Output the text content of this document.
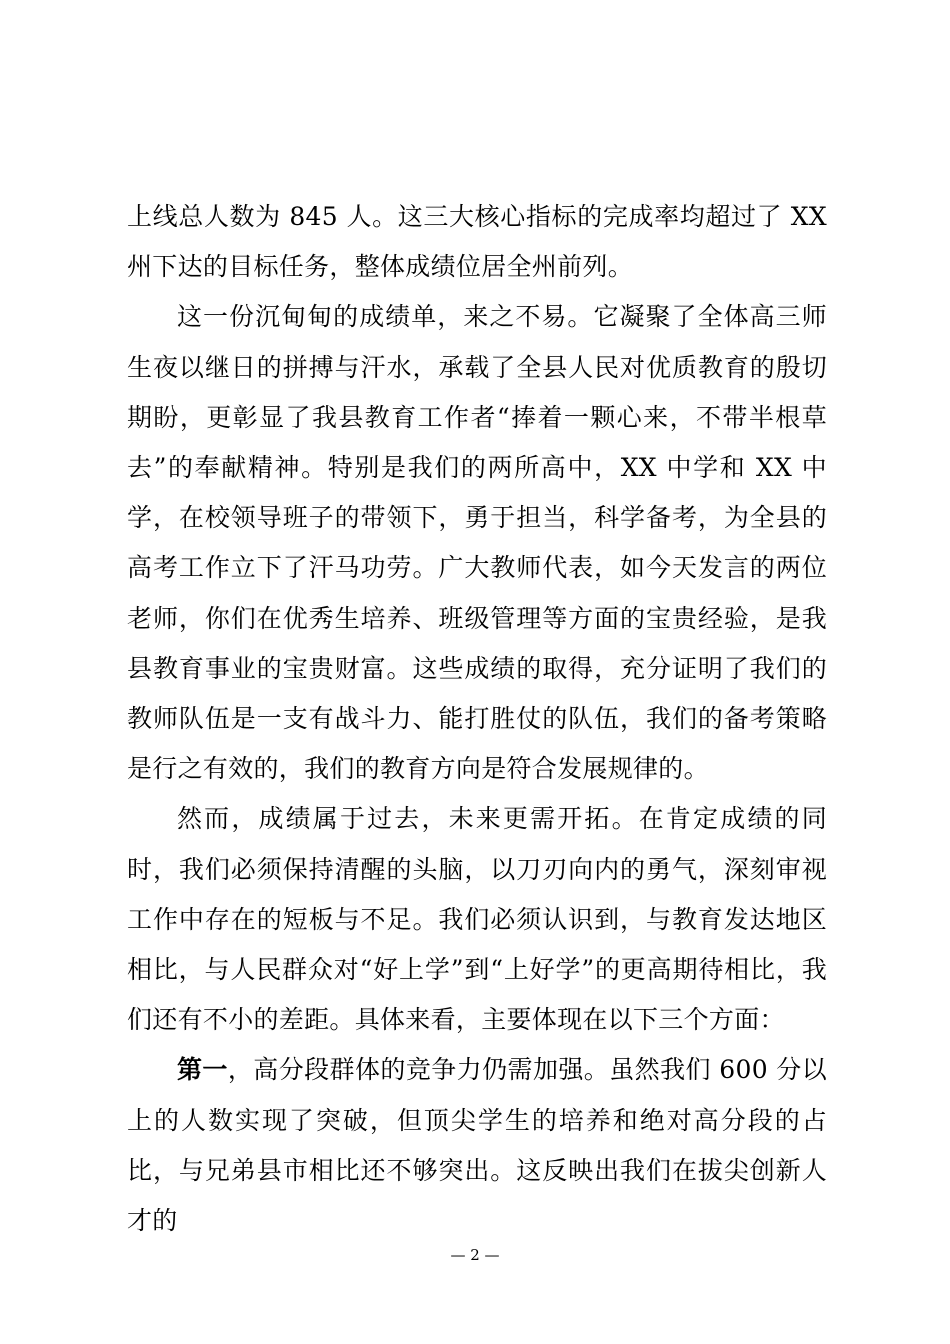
上线总人数为 845 人。这三大核心指标的完成率均超过了 XX 州下达的目标任务，整体成绩位居全州前列。

这一份沉甸甸的成绩单，来之不易。它凝聚了全体高三师生夜以继日的拼搏与汗水，承载了全县人民对优质教育的殷切期盼，更彰显了我县教育工作者“捧着一颗心来，不带半根草去”的奉献精神。特别是我们的两所高中，XX 中学和 XX 中学，在校领导班子的带领下，勇于担当，科学备考，为全县的高考工作立下了汗马功劳。广大教师代表，如今天发言的两位老师，你们在优秀生培养、班级管理等方面的宝贵经验，是我县教育事业的宝贵财富。这些成绩的取得，充分证明了我们的教师队伍是一支有战斗力、能打胜仗的队伍，我们的备考策略是行之有效的，我们的教育方向是符合发展规律的。

然而，成绩属于过去，未来更需开拓。在肯定成绩的同时，我们必须保持清醒的头脑，以刀刃向内的勇气，深刻审视工作中存在的短板与不足。我们必须认识到，与教育发达地区相比，与人民群众对“好上学”到“上好学”的更高期待相比，我们还有不小的差距。具体来看，主要体现在以下三个方面：

第一，高分段群体的竞争力仍需加强。虽然我们 600 分以上的人数实现了突破，但顶尖学生的培养和绝对高分段的占比，与兄弟县市相比还不够突出。这反映出我们在拔尖创新人才的

— 2 —
